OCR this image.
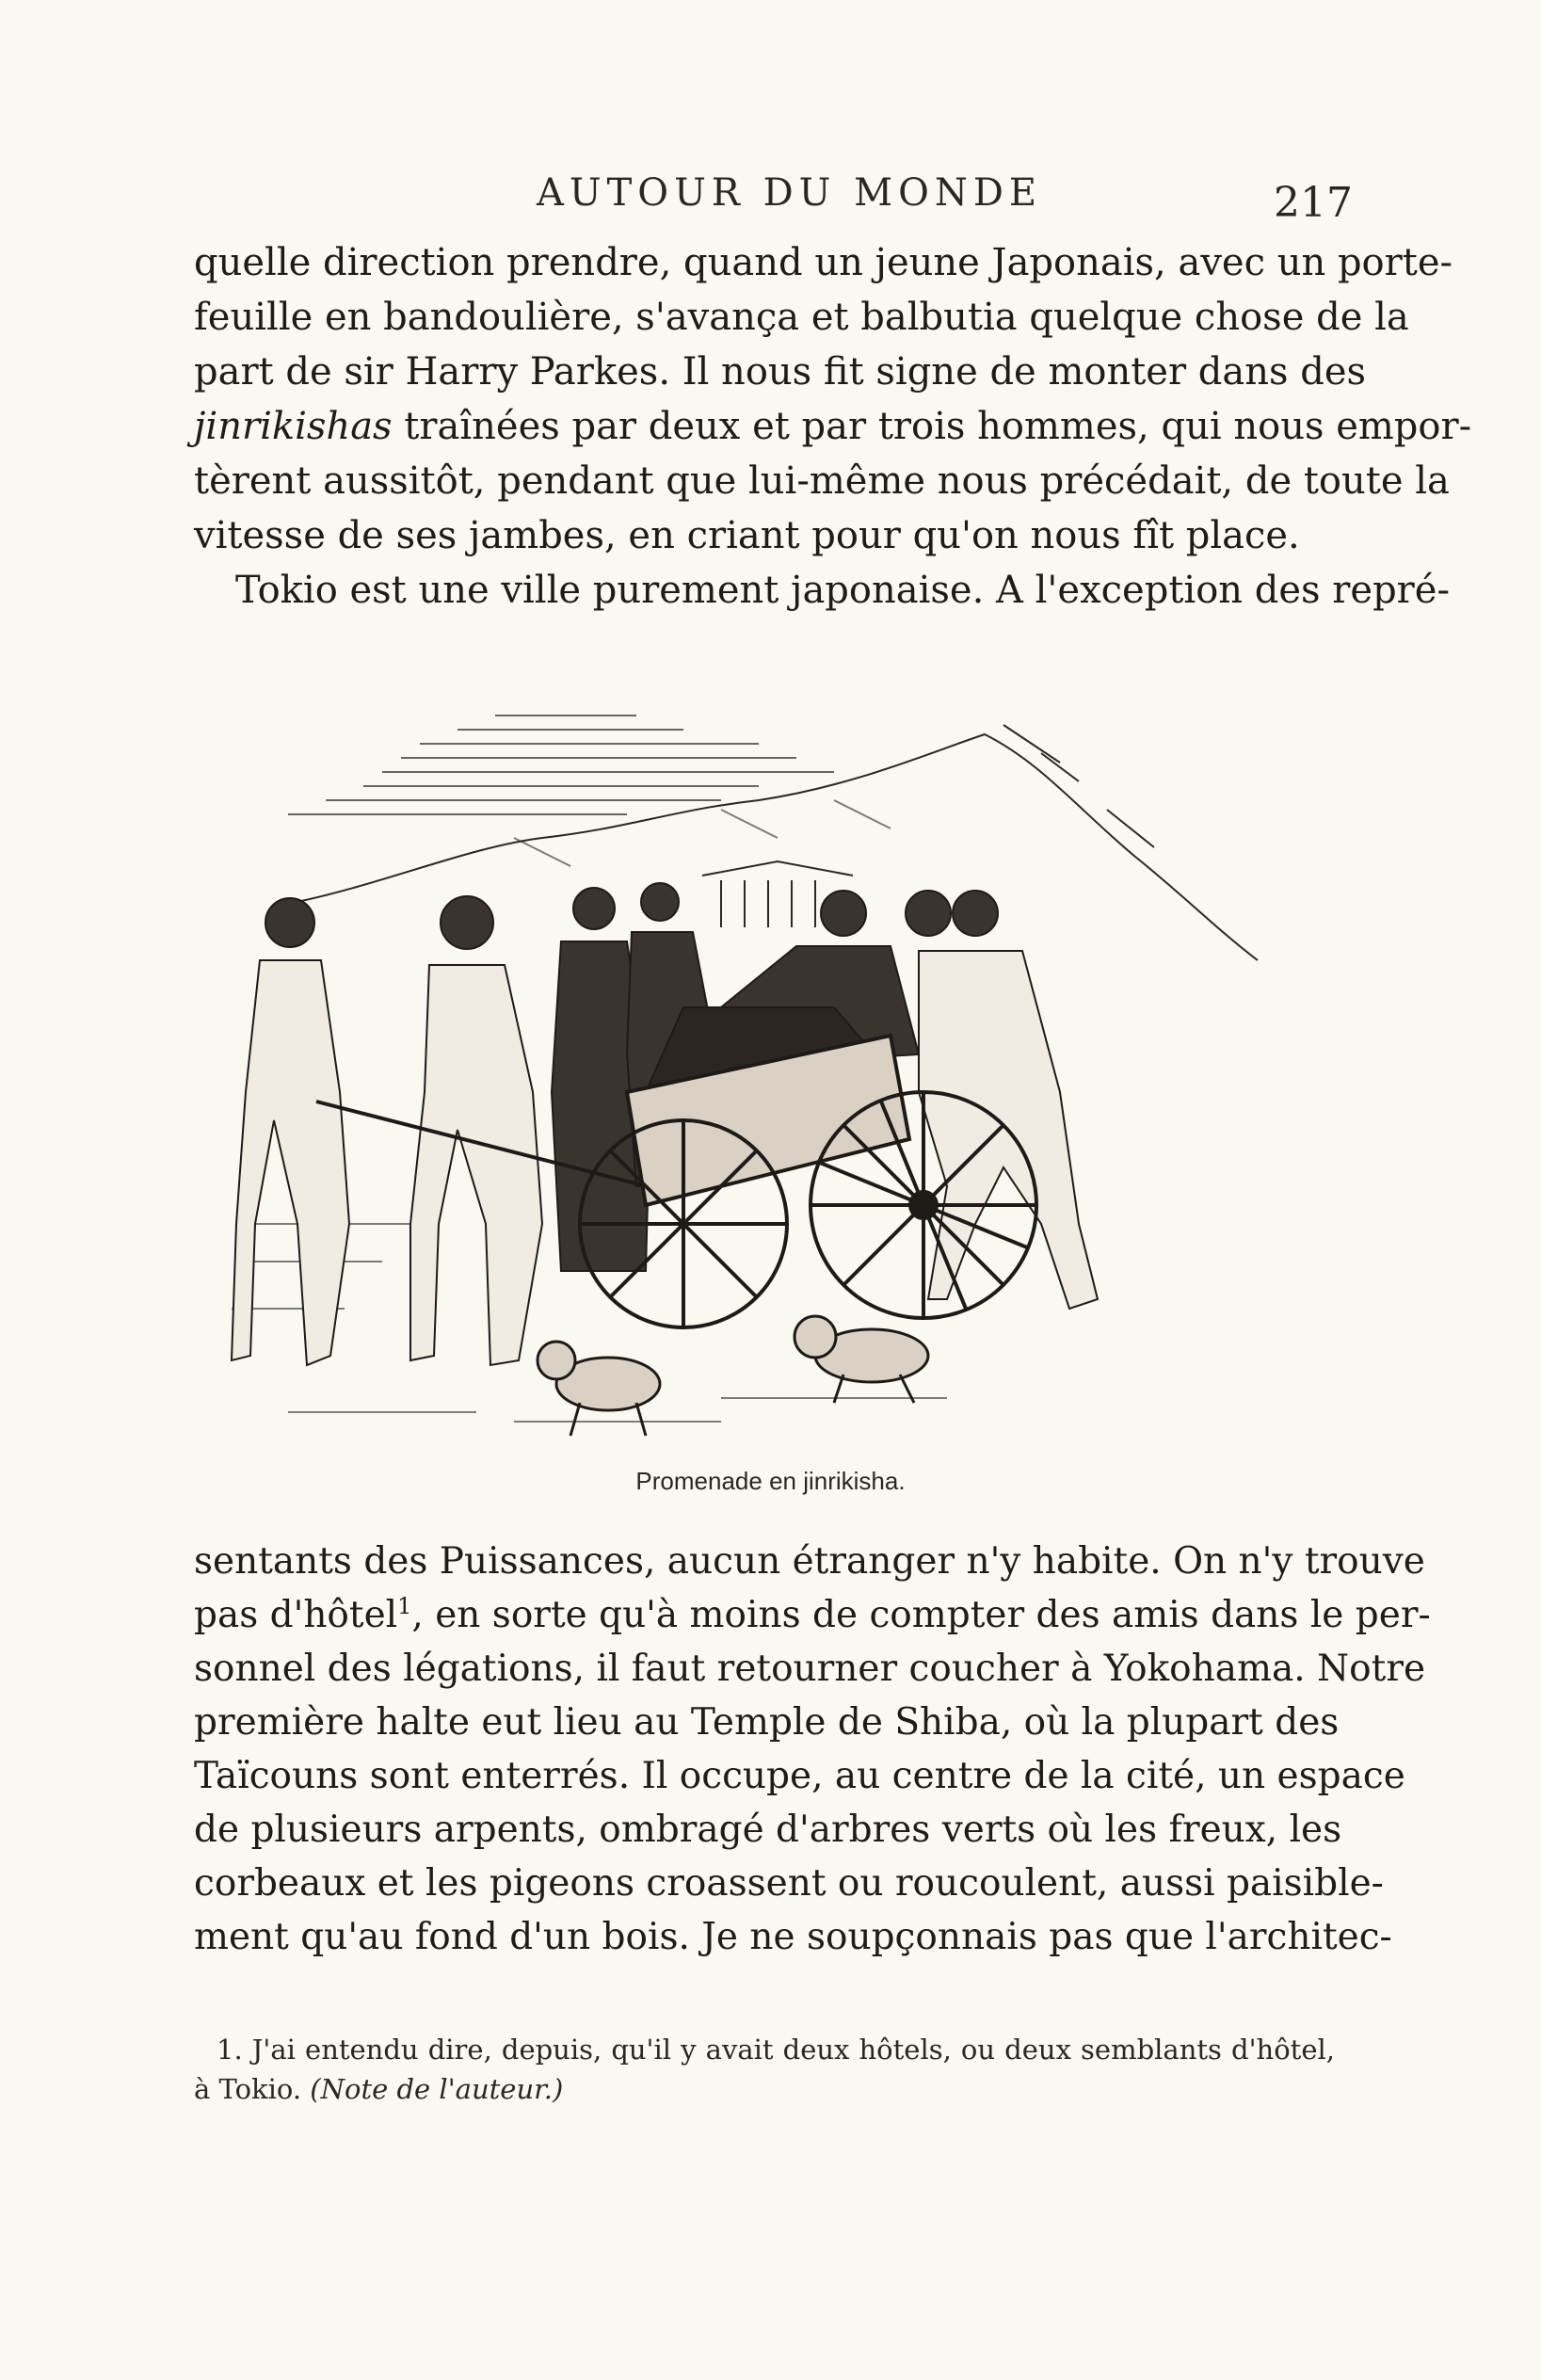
AUTOUR DU MONDE	217
quelle direction prendre, quand un jeune Japonais, avec un porte-
feuille en bandoulière, s'avança et balbutia quelque chose de la
part de sir Harry Parkes. Il nous fit signe de monter dans des
jinrikishas traînées par deux et par trois hommes, qui nous empor-
tèrent aussitôt, pendant que lui-même nous précédait, de toute la
vitesse de ses jambes, en criant pour qu'on nous fît place.
Tokio est une ville purement japonaise. A l'exception des repré-
Promenade en jinrikisha.
sentants des Puissances, aucun étranger n'y habite. On n'y trouve
pas d'hôtel$^1$, en sorte qu'à moins de compter des amis dans le per-
sonnel des légations, il faut retourner coucher à Yokohama. Notre
première halte eut lieu au Temple de Shiba, où la plupart des
Taïcouns sont enterrés. Il occupe, au centre de la cité, un espace
de plusieurs arpents, ombragé d'arbres verts où les freux, les
corbeaux et les pigeons croassent ou roucoulent, aussi paisible-
ment qu'au fond d'un bois. Je ne soupçonnais pas que l'architec-
1. J'ai entendu dire, depuis, qu'il y avait deux hôtels, ou deux semblants d'hôtel,
à Tokio. (Note de l'auteur.)
